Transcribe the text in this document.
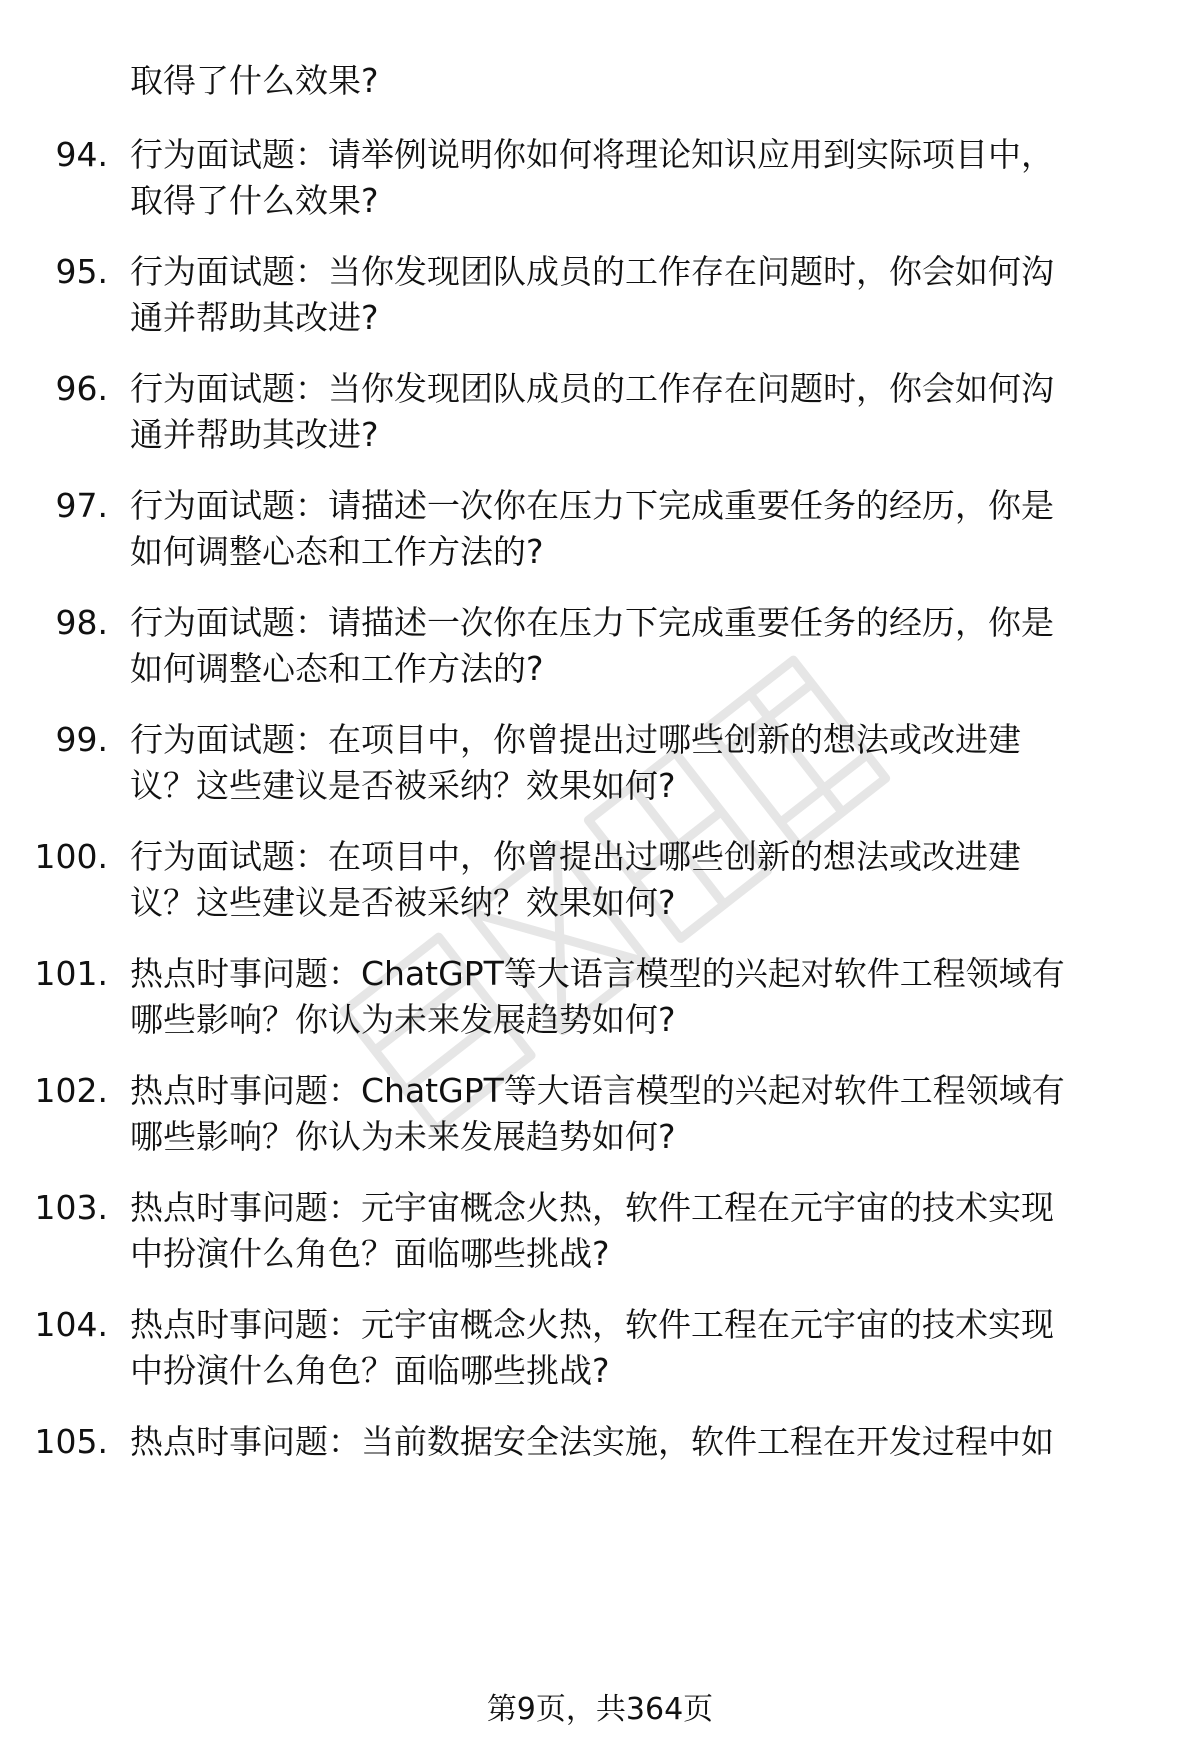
取得了什么效果?
94. 行为面试题：请举例说明你如何将理论知识应用到实际项目中，
取得了什么效果?
95. 行为面试题：当你发现团队成员的工作存在问题时，你会如何沟
通并帮助其改进?
96. 行为面试题：当你发现团队成员的工作存在问题时，你会如何沟
通并帮助其改进?
97. 行为面试题：请描述一次你在压力下完成重要任务的经历，你是
如何调整心态和工作方法的?
98. 行为面试题：请描述一次你在压力下完成重要任务的经历，你是
如何调整心态和工作方法的?
99. 行为面试题：在项目中，你曾提出过哪些创新的想法或改进建
议？这些建议是否被采纳？效果如何?
100. 行为面试题：在项目中，你曾提出过哪些创新的想法或改进建
议？这些建议是否被采纳？效果如何?
101. 热点时事问题：ChatGPT等大语言模型的兴起对软件工程领域有
哪些影响？你认为未来发展趋势如何?
102. 热点时事问题：ChatGPT等大语言模型的兴起对软件工程领域有
哪些影响？你认为未来发展趋势如何?
103. 热点时事问题：元宇宙概念火热，软件工程在元宇宙的技术实现
中扮演什么角色？面临哪些挑战?
104. 热点时事问题：元宇宙概念火热，软件工程在元宇宙的技术实现
中扮演什么角色？面临哪些挑战?
105. 热点时事问题：当前数据安全法实施，软件工程在开发过程中如
第9页，共364页
